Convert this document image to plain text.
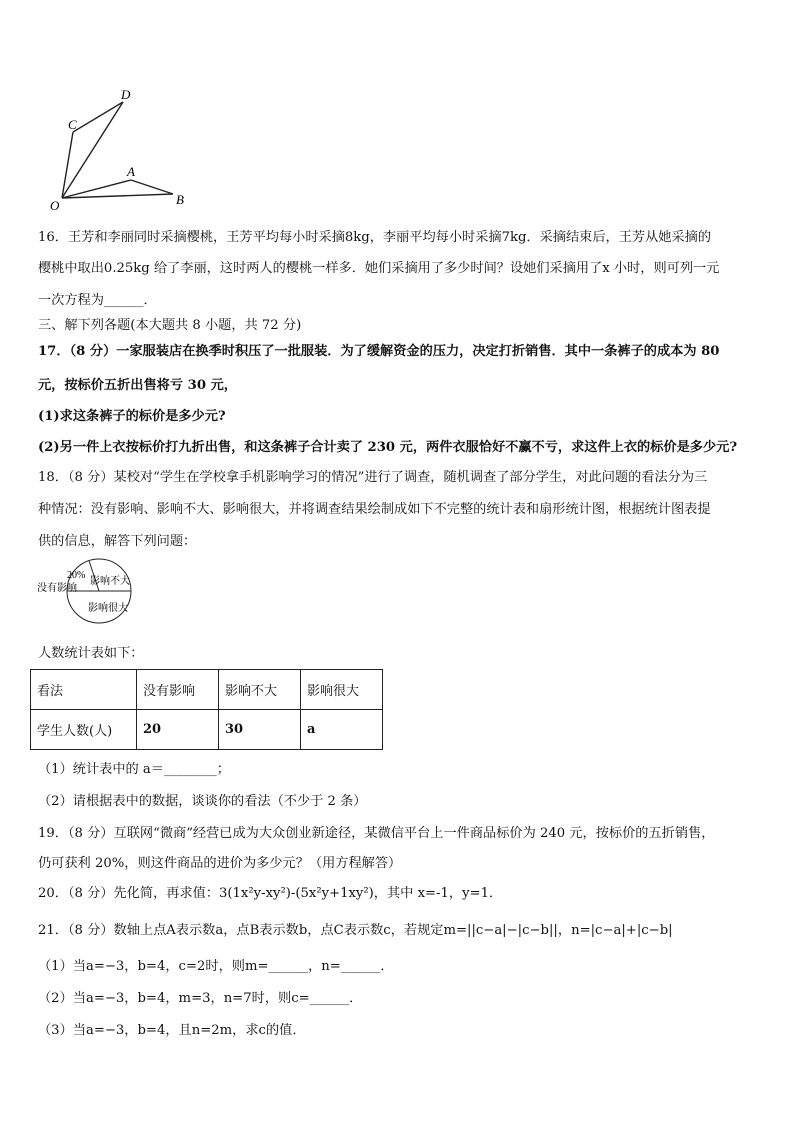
D
C
A
O	B
16．王芳和李丽同时采摘樱桃，王芳平均每小时采摘8kg，李丽平均每小时采摘7kg．采摘结束后，王芳从她采摘的
樱桃中取出0.25kg 给了李丽，这时两人的樱桃一样多．她们采摘用了多少时间？设她们采摘用了x 小时，则可列一元
一次方程为______．
三、解下列各题(本大题共 8 小题，共 72 分)
17．（8 分）一家服装店在换季时积压了一批服装．为了缓解资金的压力，决定打折销售．其中一条裤子的成本为 80
元，按标价五折出售将亏 30 元，
(1)求这条裤子的标价是多少元?
(2)另一件上衣按标价打九折出售，和这条裤子合计卖了 230 元，两件衣服恰好不赢不亏，求这件上衣的标价是多少元?
18．（8 分）某校对“学生在学校拿手机影响学习的情况”进行了调查，随机调查了部分学生，对此问题的看法分为三
种情况：没有影响、影响不大、影响很大，并将调查结果绘制成如下不完整的统计表和扇形统计图，根据统计图表提
供的信息，解答下列问题：
20%
没有影响
影响不大
影响很大
人数统计表如下：
看法	没有影响	影响不大	影响很大
学生人数(人)	20	30	a
（1）统计表中的 a＝________；
（2）请根据表中的数据，谈谈你的看法（不少于 2 条）
19．（8 分）互联网“微商”经营已成为大众创业新途径，某微信平台上一件商品标价为 240 元，按标价的五折销售，
仍可获利 20%，则这件商品的进价为多少元？（用方程解答）
20．（8 分）先化简，再求值：3(1x²y-xy²)-(5x²y+1xy²)，其中 x=-1，y=1．
21．（8 分）数轴上点A表示数a，点B表示数b，点C表示数c，若规定m=||c−a|−|c−b||，n=|c−a|+|c−b|
（1）当a=−3，b=4，c=2时，则m=______，n=______．
（2）当a=−3，b=4，m=3，n=7时，则c=______．
（3）当a=−3，b=4，且n=2m，求c的值．
